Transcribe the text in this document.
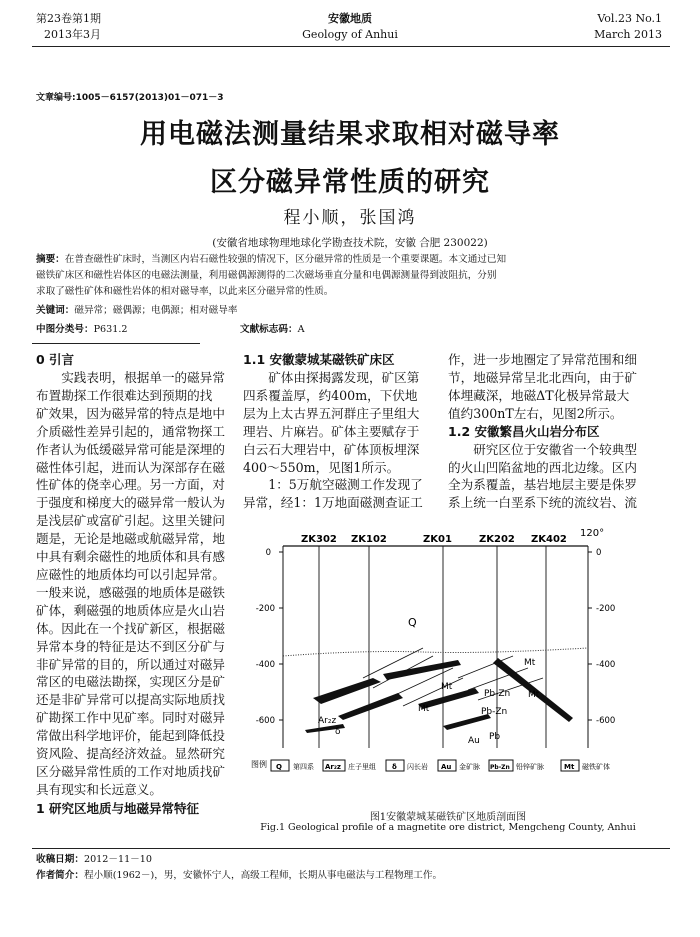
第23卷第1期
2013年3月
安徽地质
Geology of Anhui
Vol.23 No.1
March 2013
文章编号:1005－6157(2013)01－071－3
用电磁法测量结果求取相对磁导率
区分磁异常性质的研究
程小顺，张国鸿
(安徽省地球物理地球化学勘查技术院，安徽 合肥 230022)
摘要：在普查磁性矿床时，当测区内岩石磁性较强的情况下，区分磁异常的性质是一个重要课题。本文通过已知
磁铁矿床区和磁性岩体区的电磁法测量，利用磁偶源测得的二次磁场垂直分量和电偶源测量得到波阻抗，分别
求取了磁性矿体和磁性岩体的相对磁导率，以此来区分磁异常的性质。
关键词：磁异常；磁偶源；电偶源；相对磁导率
中图分类号：P631.2	文献标志码：A
0 引言
实践表明，根据单一的磁异常
布置勘探工作很难达到预期的找
矿效果，因为磁异常的特点是地中
介质磁性差异引起的，通常物探工
作者认为低缓磁异常可能是深埋的
磁性体引起，进而认为深部存在磁
性矿体的侥幸心理。另一方面，对
于强度和梯度大的磁异常一般认为
是浅层矿或富矿引起。这里关键问
题是，无论是地磁或航磁异常，地
中具有剩余磁性的地质体和具有感
应磁性的地质体均可以引起异常。
一般来说，感磁强的地质体是磁铁
矿体，剩磁强的地质体应是火山岩
体。因此在一个找矿新区，根据磁
异常本身的特征是达不到区分矿与
非矿异常的目的，所以通过对磁异
常区的电磁法勘探，实现区分是矿
还是非矿异常可以提高实际地质找
矿勘探工作中见矿率。同时对磁异
常做出科学地评价，能起到降低投
资风险、提高经济效益。显然研究
区分磁异常性质的工作对地质找矿
具有现实和长远意义。
1 研究区地质与地磁异常特征
1.1 安徽蒙城某磁铁矿床区
矿体由探揭露发现，矿区第
四系覆盖厚，约400m，下伏地
层为上太古界五河群庄子里组大
理岩、片麻岩。矿体主要赋存于
白云石大理岩中，矿体顶板埋深
400～550m，见图1所示。
1：5万航空磁测工作发现了
异常，经1：1万地面磁测查证工
作，进一步地圈定了异常范围和细
节，地磁异常呈北北西向，由于矿
体埋藏深，地磁ΔT化极异常最大
值约300nT左右，见图2所示。
1.2 安徽繁昌火山岩分布区
研究区位于安徽省一个较典型
的火山凹陷盆地的西北边缘。区内
全为系覆盖，基岩地层主要是侏罗
系上统一白垩系下统的流纹岩、流
ZK302 ZK102	ZK01	ZK202 ZK402
120°
0
-200
-400
-600
0
-200
-400
-600
Q
Mt
Mt
Mt
Mt
Pb-Zn
Pb-Zn
Ar₂z
δ
Au Pb
图例 Q 第四系 Ar₂z 庄子里组 δ 闪长岩 Au 金矿脉 Pb-Zn 铅锌矿脉	Mt 磁铁矿体
图1安徽蒙城某磁铁矿区地质剖面图
Fig.1 Geological profile of a magnetite ore district, Mengcheng County, Anhui
收稿日期：2012－11－10
作者简介：程小顺(1962－)，男，安徽怀宁人，高级工程师，长期从事电磁法与工程物理工作。
